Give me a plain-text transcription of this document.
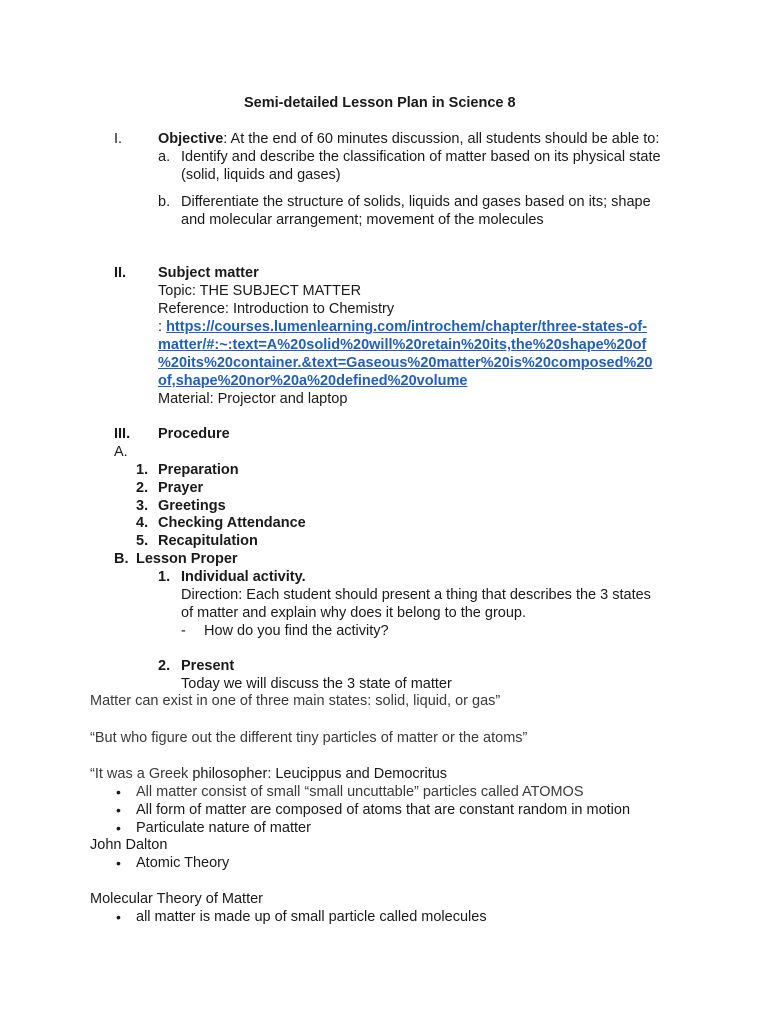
Semi-detailed Lesson Plan in Science 8
I. Objective: At the end of 60 minutes discussion, all students should be able to:
a. Identify and describe the classification of matter based on its physical state
(solid, liquids and gases)
b. Differentiate the structure of solids, liquids and gases based on its; shape
and molecular arrangement; movement of the molecules
II. Subject matter
Topic: THE SUBJECT MATTER
Reference: Introduction to Chemistry
: https://courses.lumenlearning.com/introchem/chapter/three-states-of-
matter/#:~:text=A%20solid%20will%20retain%20its,the%20shape%20of
%20its%20container.&text=Gaseous%20matter%20is%20composed%20
of,shape%20nor%20a%20defined%20volume
Material: Projector and laptop
III. Procedure
A.
1. Preparation
2. Prayer
3. Greetings
4. Checking Attendance
5. Recapitulation
B. Lesson Proper
1. Individual activity.
Direction: Each student should present a thing that describes the 3 states
of matter and explain why does it belong to the group.
- How do you find the activity?
2. Present
Today we will discuss the 3 state of matter
Matter can exist in one of three main states: solid, liquid, or gas”
“But who figure out the different tiny particles of matter or the atoms”
“It was a Greek philosopher: Leucippus and Democritus
• All matter consist of small “small uncuttable” particles called ATOMOS
• All form of matter are composed of atoms that are constant random in motion
• Particulate nature of matter
John Dalton
• Atomic Theory
Molecular Theory of Matter
• all matter is made up of small particle called molecules
